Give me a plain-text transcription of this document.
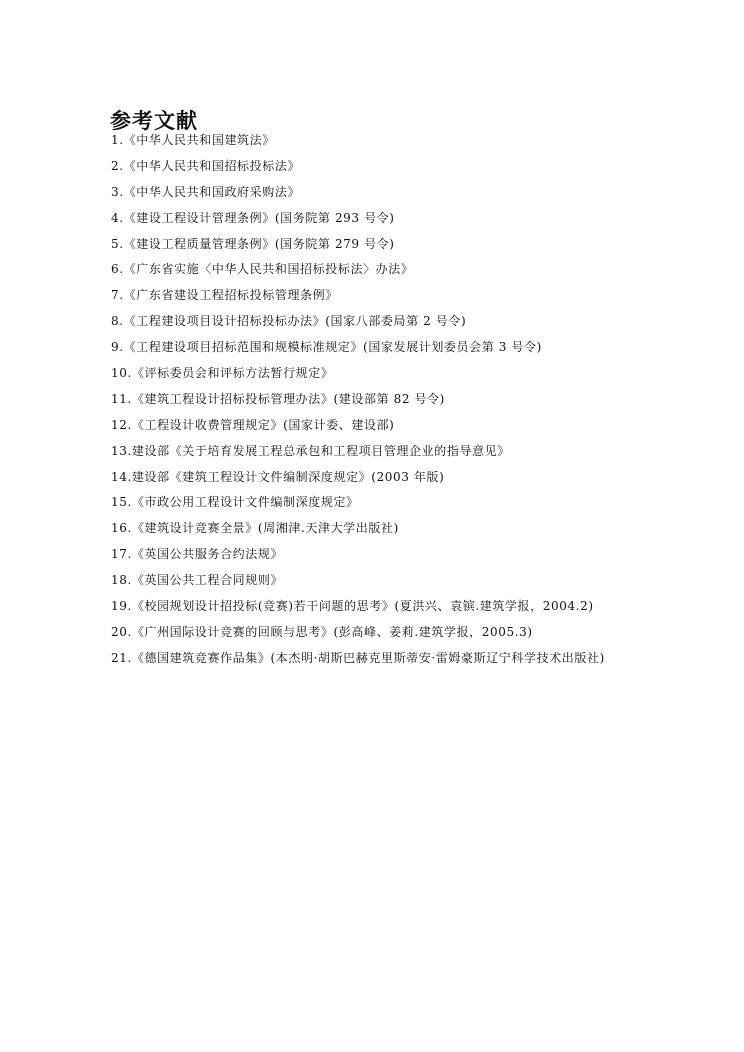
参考文献
1.《中华人民共和国建筑法》
2.《中华人民共和国招标投标法》
3.《中华人民共和国政府采购法》
4.《建设工程设计管理条例》(国务院第 293 号令)
5.《建设工程质量管理条例》(国务院第 279 号令)
6.《广东省实施〈中华人民共和国招标投标法〉办法》
7.《广东省建设工程招标投标管理条例》
8.《工程建设项目设计招标投标办法》(国家八部委局第 2 号令)
9.《工程建设项目招标范围和规模标准规定》(国家发展计划委员会第 3 号令)
10.《评标委员会和评标方法暂行规定》
11.《建筑工程设计招标投标管理办法》(建设部第 82 号令)
12.《工程设计收费管理规定》(国家计委、建设部)
13.建设部《关于培育发展工程总承包和工程项目管理企业的指导意见》
14.建设部《建筑工程设计文件编制深度规定》(2003 年版)
15.《市政公用工程设计文件编制深度规定》
16.《建筑设计竞赛全景》(周湘津.天津大学出版社)
17.《英国公共服务合约法规》
18.《英国公共工程合同规则》
19.《校园规划设计招投标(竞赛)若干问题的思考》(夏洪兴、袁镔.建筑学报，2004.2)
20.《广州国际设计竞赛的回顾与思考》(彭高峰、姜莉.建筑学报，2005.3)
21.《德国建筑竞赛作品集》(本杰明·胡斯巴赫克里斯蒂安·雷姆豪斯辽宁科学技术出版社)
